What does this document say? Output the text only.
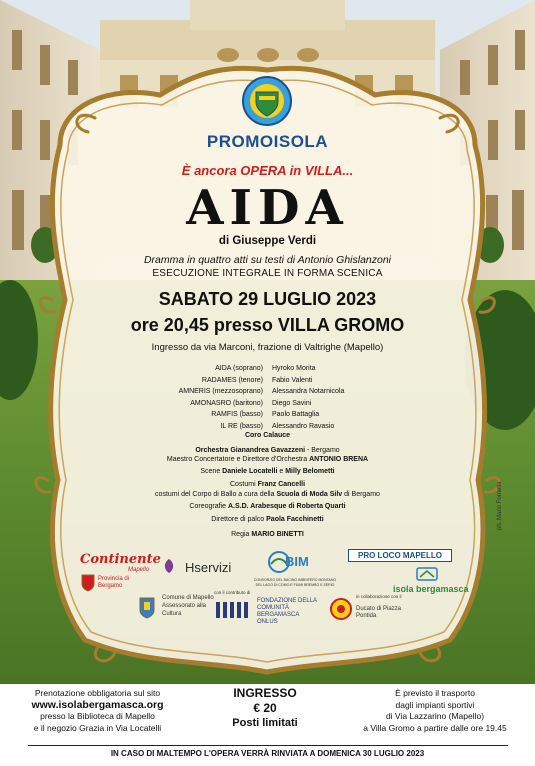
PROMOISOLA
È ancora OPERA in VILLA...
AIDA
di Giuseppe Verdi
Dramma in quattro atti su testi di Antonio Ghislanzoni
ESECUZIONE INTEGRALE IN FORMA SCENICA
SABATO 29 LUGLIO 2023
ore 20,45 presso VILLA GROMO
Ingresso da via Marconi, frazione di Valtrighe (Mapello)
AIDA (soprano)	Hyroko Morita
RADAMES (tenore)	Fabio Valenti
AMNERIS (mezzosoprano)	Alessandra Notarnicola
AMONASRO (baritono)	Diego Savini
RAMFIS (basso)	Paolo Battaglia
IL RE (basso)	Alessandro Ravasio
Coro Calauce
Orchestra Gianandrea Gavazzeni - Bergamo
Maestro Concertatore e Direttore d'Orchestra ANTONIO BRENA
Scene Daniele Locatelli e Milly Belometti
Costumi Franz Cancelli
costumi del Corpo di Ballo a cura della Scuola di Moda Silv di Bergamo
Coreografie A.S.D. Arabesque di Roberta Quarti
Direttore di palco Paola Facchinetti
Regia MARIO BINETTI
ph. Mario Fornella
Continente
Mapello	Hservizi	BIM
CONSORZIO DEL BACINO IMBRIFERO MONTANO DEL LAGO DI COMO E FIUMI BREMBO E SERIO
PRO LOCO MAPELLO
Provincia di Bergamo	isola bergamasca
Comune di Mapello Assessorato alla Cultura
con il contributo di
FONDAZIONE DELLA COMUNITÀ BERGAMASCA ONLUS
in collaborazione con il
Ducato di Piazza Pontida
Prenotazione obbligatoria sul sito
www.isolabergamasca.org
presso la Biblioteca di Mapello
e il negozio Grazia in Via Locatelli
INGRESSO
€ 20
Posti limitati
È previsto il trasporto
dagli impianti sportivi
di Via Lazzarino (Mapello)
a Villa Gromo a partire dalle ore 19.45
IN CASO DI MALTEMPO L'OPERA VERRÀ RINVIATA A DOMENICA 30 LUGLIO 2023
